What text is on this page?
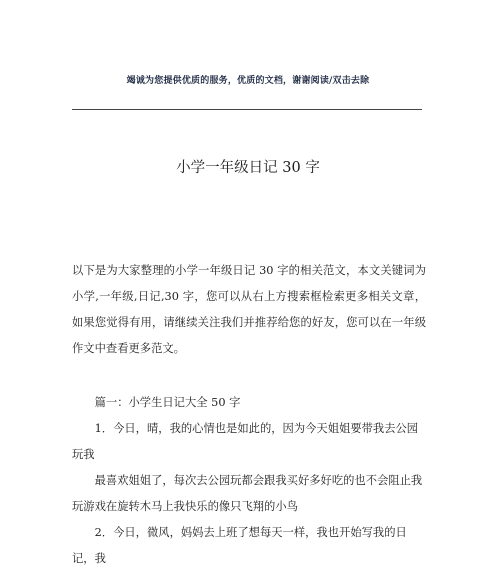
竭诚为您提供优质的服务，优质的文档，谢谢阅读/双击去除
小学一年级日记 30 字
以下是为大家整理的小学一年级日记 30 字的相关范文，本文关键词为小学,一年级,日记,30 字，您可以从右上方搜索框检索更多相关文章，如果您觉得有用，请继续关注我们并推荐给您的好友，您可以在一年级作文中查看更多范文。

篇一：小学生日记大全 50 字

1．今日，晴，我的心情也是如此的，因为今天姐姐要带我去公园玩我

最喜欢姐姐了，每次去公园玩都会跟我买好多好吃的也不会阻止我玩游戏在旋转木马上我快乐的像只飞翔的小鸟

2．今日，微风，妈妈去上班了想每天一样，我也开始写我的日记，我
